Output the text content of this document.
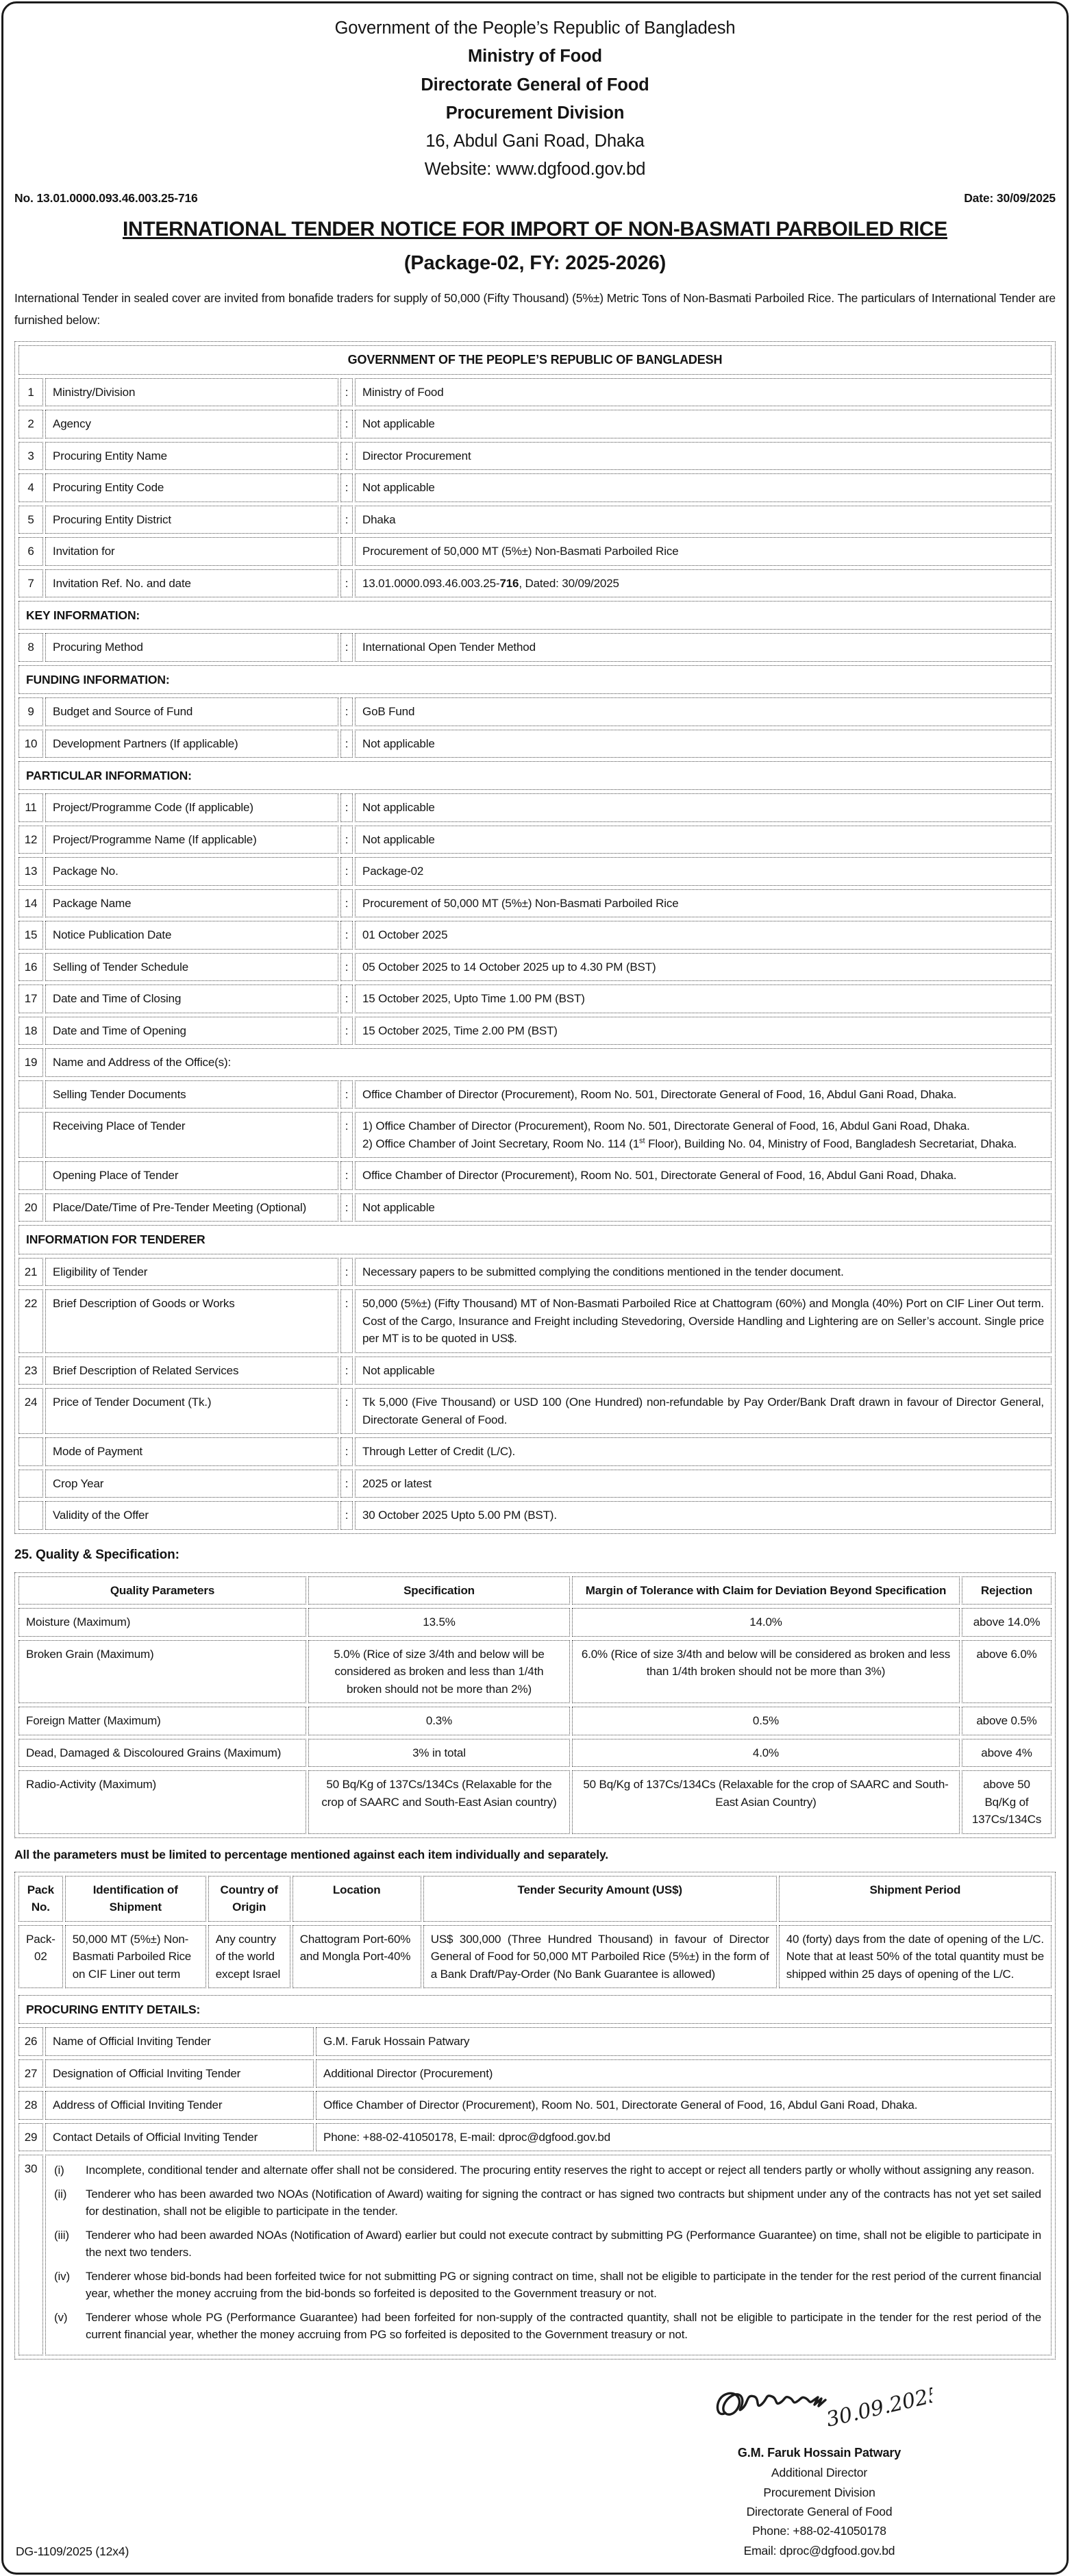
Government of the People’s Republic of Bangladesh
Ministry of Food
Directorate General of Food
Procurement Division
16, Abdul Gani Road, Dhaka
Website: www.dgfood.gov.bd
No. 13.01.0000.093.46.003.25-716	Date: 30/09/2025
INTERNATIONAL TENDER NOTICE FOR IMPORT OF NON-BASMATI PARBOILED RICE
(Package-02, FY: 2025-2026)
International Tender in sealed cover are invited from bonafide traders for supply of 50,000 (Fifty Thousand) (5%±) Metric Tons of Non-Basmati Parboiled Rice. The particulars of International Tender are furnished below:
GOVERNMENT OF THE PEOPLE’S REPUBLIC OF BANGLADESH			
1	Ministry/Division	:	Ministry of Food
2	Agency	:	Not applicable
3	Procuring Entity Name	:	Director Procurement
4	Procuring Entity Code	:	Not applicable
5	Procuring Entity District	:	Dhaka
6	Invitation for		Procurement of 50,000 MT (5%±) Non-Basmati Parboiled Rice
7	Invitation Ref. No. and date	:	13.01.0000.093.46.003.25-716, Dated: 30/09/2025
KEY INFORMATION:			
8	Procuring Method	:	International Open Tender Method
FUNDING INFORMATION:			
9	Budget and Source of Fund	:	GoB Fund
10	Development Partners (If applicable)	:	Not applicable
PARTICULAR INFORMATION:			
11	Project/Programme Code (If applicable)	:	Not applicable
12	Project/Programme Name (If applicable)	:	Not applicable
13	Package No.	:	Package-02
14	Package Name	:	Procurement of 50,000 MT (5%±) Non-Basmati Parboiled Rice
15	Notice Publication Date	:	01 October 2025
16	Selling of Tender Schedule	:	05 October 2025 to 14 October 2025 up to 4.30 PM (BST)
17	Date and Time of Closing	:	15 October 2025, Upto Time 1.00 PM (BST)
18	Date and Time of Opening	:	15 October 2025, Time 2.00 PM (BST)
19	Name and Address of the Office(s):		
	Selling Tender Documents	:	Office Chamber of Director (Procurement), Room No. 501, Directorate General of Food, 16, Abdul Gani Road, Dhaka.
	Receiving Place of Tender	:	1) Office Chamber of Director (Procurement), Room No. 501, Directorate General of Food, 16, Abdul Gani Road, Dhaka.
2) Office Chamber of Joint Secretary, Room No. 114 (1st Floor), Building No. 04, Ministry of Food, Bangladesh Secretariat, Dhaka.

	Opening Place of Tender	:	Office Chamber of Director (Procurement), Room No. 501, Directorate General of Food, 16, Abdul Gani Road, Dhaka.
20	Place/Date/Time of Pre-Tender Meeting (Optional)	:	Not applicable
INFORMATION FOR TENDERER			
21	Eligibility of Tender	:	Necessary papers to be submitted complying the conditions mentioned in the tender document.
22	Brief Description of Goods or Works	:	50,000 (5%±) (Fifty Thousand) MT of Non-Basmati Parboiled Rice at Chattogram (60%) and Mongla (40%) Port on CIF Liner Out term. Cost of the Cargo, Insurance and Freight including Stevedoring, Overside Handling and Lightering are on Seller’s account. Single price per MT is to be quoted in US$.
23	Brief Description of Related Services	:	Not applicable
24	Price of Tender Document (Tk.)	:	Tk 5,000 (Five Thousand) or USD 100 (One Hundred) non-refundable by Pay Order/Bank Draft drawn in favour of Director General, Directorate General of Food.
	Mode of Payment	:	Through Letter of Credit (L/C).
	Crop Year	:	2025 or latest
	Validity of the Offer	:	30 October 2025 Upto 5.00 PM (BST).
25. Quality & Specification:
Quality Parameters	Specification	Margin of Tolerance with Claim for Deviation Beyond Specification	Rejection
Moisture (Maximum)	13.5%	14.0%	above 14.0%
Broken Grain (Maximum)	5.0% (Rice of size 3/4th and below will be considered as broken and less than 1/4th broken should not be more than 2%)	6.0% (Rice of size 3/4th and below will be considered as broken and less than 1/4th broken should not be more than 3%)	above 6.0%
Foreign Matter (Maximum)	0.3%	0.5%	above 0.5%
Dead, Damaged & Discoloured Grains (Maximum)	3% in total	4.0%	above 4%
Radio-Activity (Maximum)	50 Bq/Kg of 137Cs/134Cs (Relaxable for the crop of SAARC and South-East Asian country)	50 Bq/Kg of 137Cs/134Cs (Relaxable for the crop of SAARC and South-East Asian Country)	above 50 Bq/Kg of 137Cs/134Cs
All the parameters must be limited to percentage mentioned against each item individually and separately.
Pack No.	Identification of Shipment	Country of Origin	Location	Tender Security Amount (US$)	Shipment Period
Pack-02	50,000 MT (5%±) Non-Basmati Parboiled Rice on CIF Liner out term	Any country of the world except Israel	Chattogram Port-60% and Mongla Port-40%	US$ 300,000 (Three Hundred Thousand) in favour of Director General of Food for 50,000 MT Parboiled Rice (5%±) in the form of a Bank Draft/Pay-Order (No Bank Guarantee is allowed)	40 (forty) days from the date of opening of the L/C. Note that at least 50% of the total quantity must be shipped within 25 days of opening of the L/C.
PROCURING ENTITY DETAILS:		
26	Name of Official Inviting Tender	G.M. Faruk Hossain Patwary
27	Designation of Official Inviting Tender	Additional Director (Procurement)
28	Address of Official Inviting Tender	Office Chamber of Director (Procurement), Room No. 501, Directorate General of Food, 16, Abdul Gani Road, Dhaka.
29	Contact Details of Official Inviting Tender	Phone: +88-02-41050178, E-mail: dproc@dgfood.gov.bd
30	(i)	Incomplete, conditional tender and alternate offer shall not be considered. The procuring entity reserves the right to accept or reject all tenders partly or wholly without assigning any reason.
(ii)	Tenderer who has been awarded two NOAs (Notification of Award) waiting for signing the contract or has signed two contracts but shipment under any of the contracts has not yet set sailed for destination, shall not be eligible to participate in the tender.
(iii)	Tenderer who had been awarded NOAs (Notification of Award) earlier but could not execute contract by submitting PG (Performance Guarantee) on time, shall not be eligible to participate in the next two tenders.
(iv)	Tenderer whose bid-bonds had been forfeited twice for not submitting PG or signing contract on time, shall not be eligible to participate in the tender for the rest period of the current financial year, whether the money accruing from the bid-bonds so forfeited is deposited to the Government treasury or not.
(v)	Tenderer whose whole PG (Performance Guarantee) had been forfeited for non-supply of the contracted quantity, shall not be eligible to participate in the tender for the rest period of the current financial year, whether the money accruing from PG so forfeited is deposited to the Government treasury or not.
30.09.2025
G.M. Faruk Hossain Patwary
Additional Director
Procurement Division
Directorate General of Food
Phone: +88-02-41050178
Email: dproc@dgfood.gov.bd
DG-1109/2025 (12x4)
